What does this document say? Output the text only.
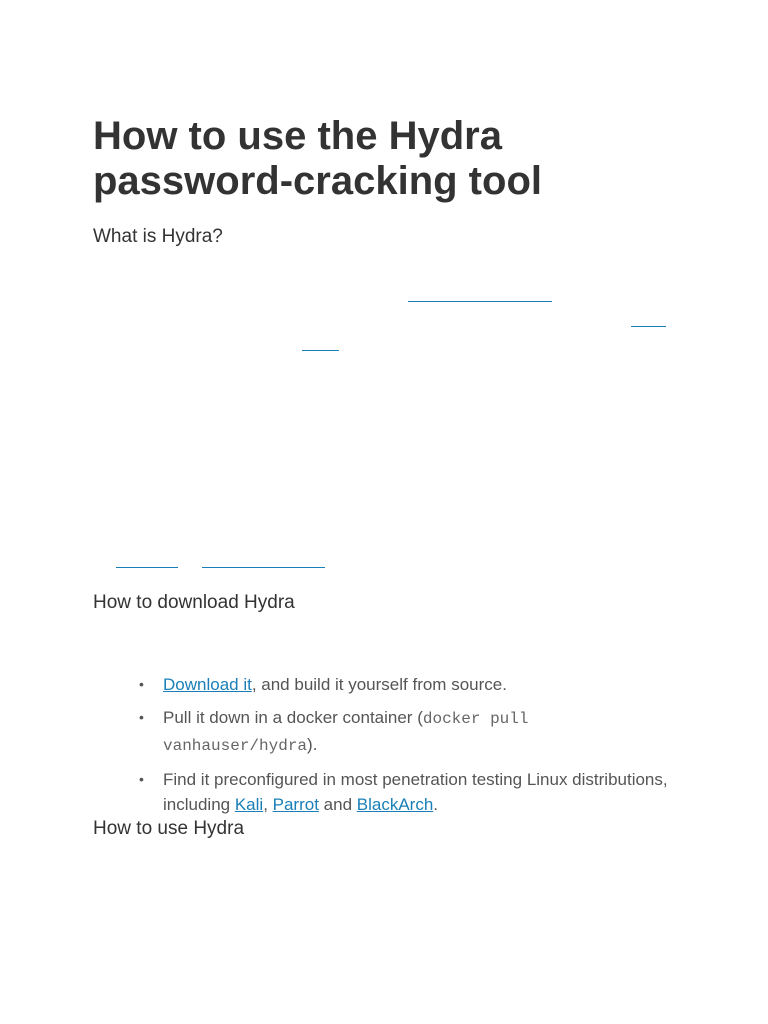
How to use the Hydra password-cracking tool
What is Hydra?
How to download Hydra
• Download it, and build it yourself from source.
• Pull it down in a docker container (docker pull vanhauser/hydra).
• Find it preconfigured in most penetration testing Linux distributions, including Kali, Parrot and BlackArch.
How to use Hydra
